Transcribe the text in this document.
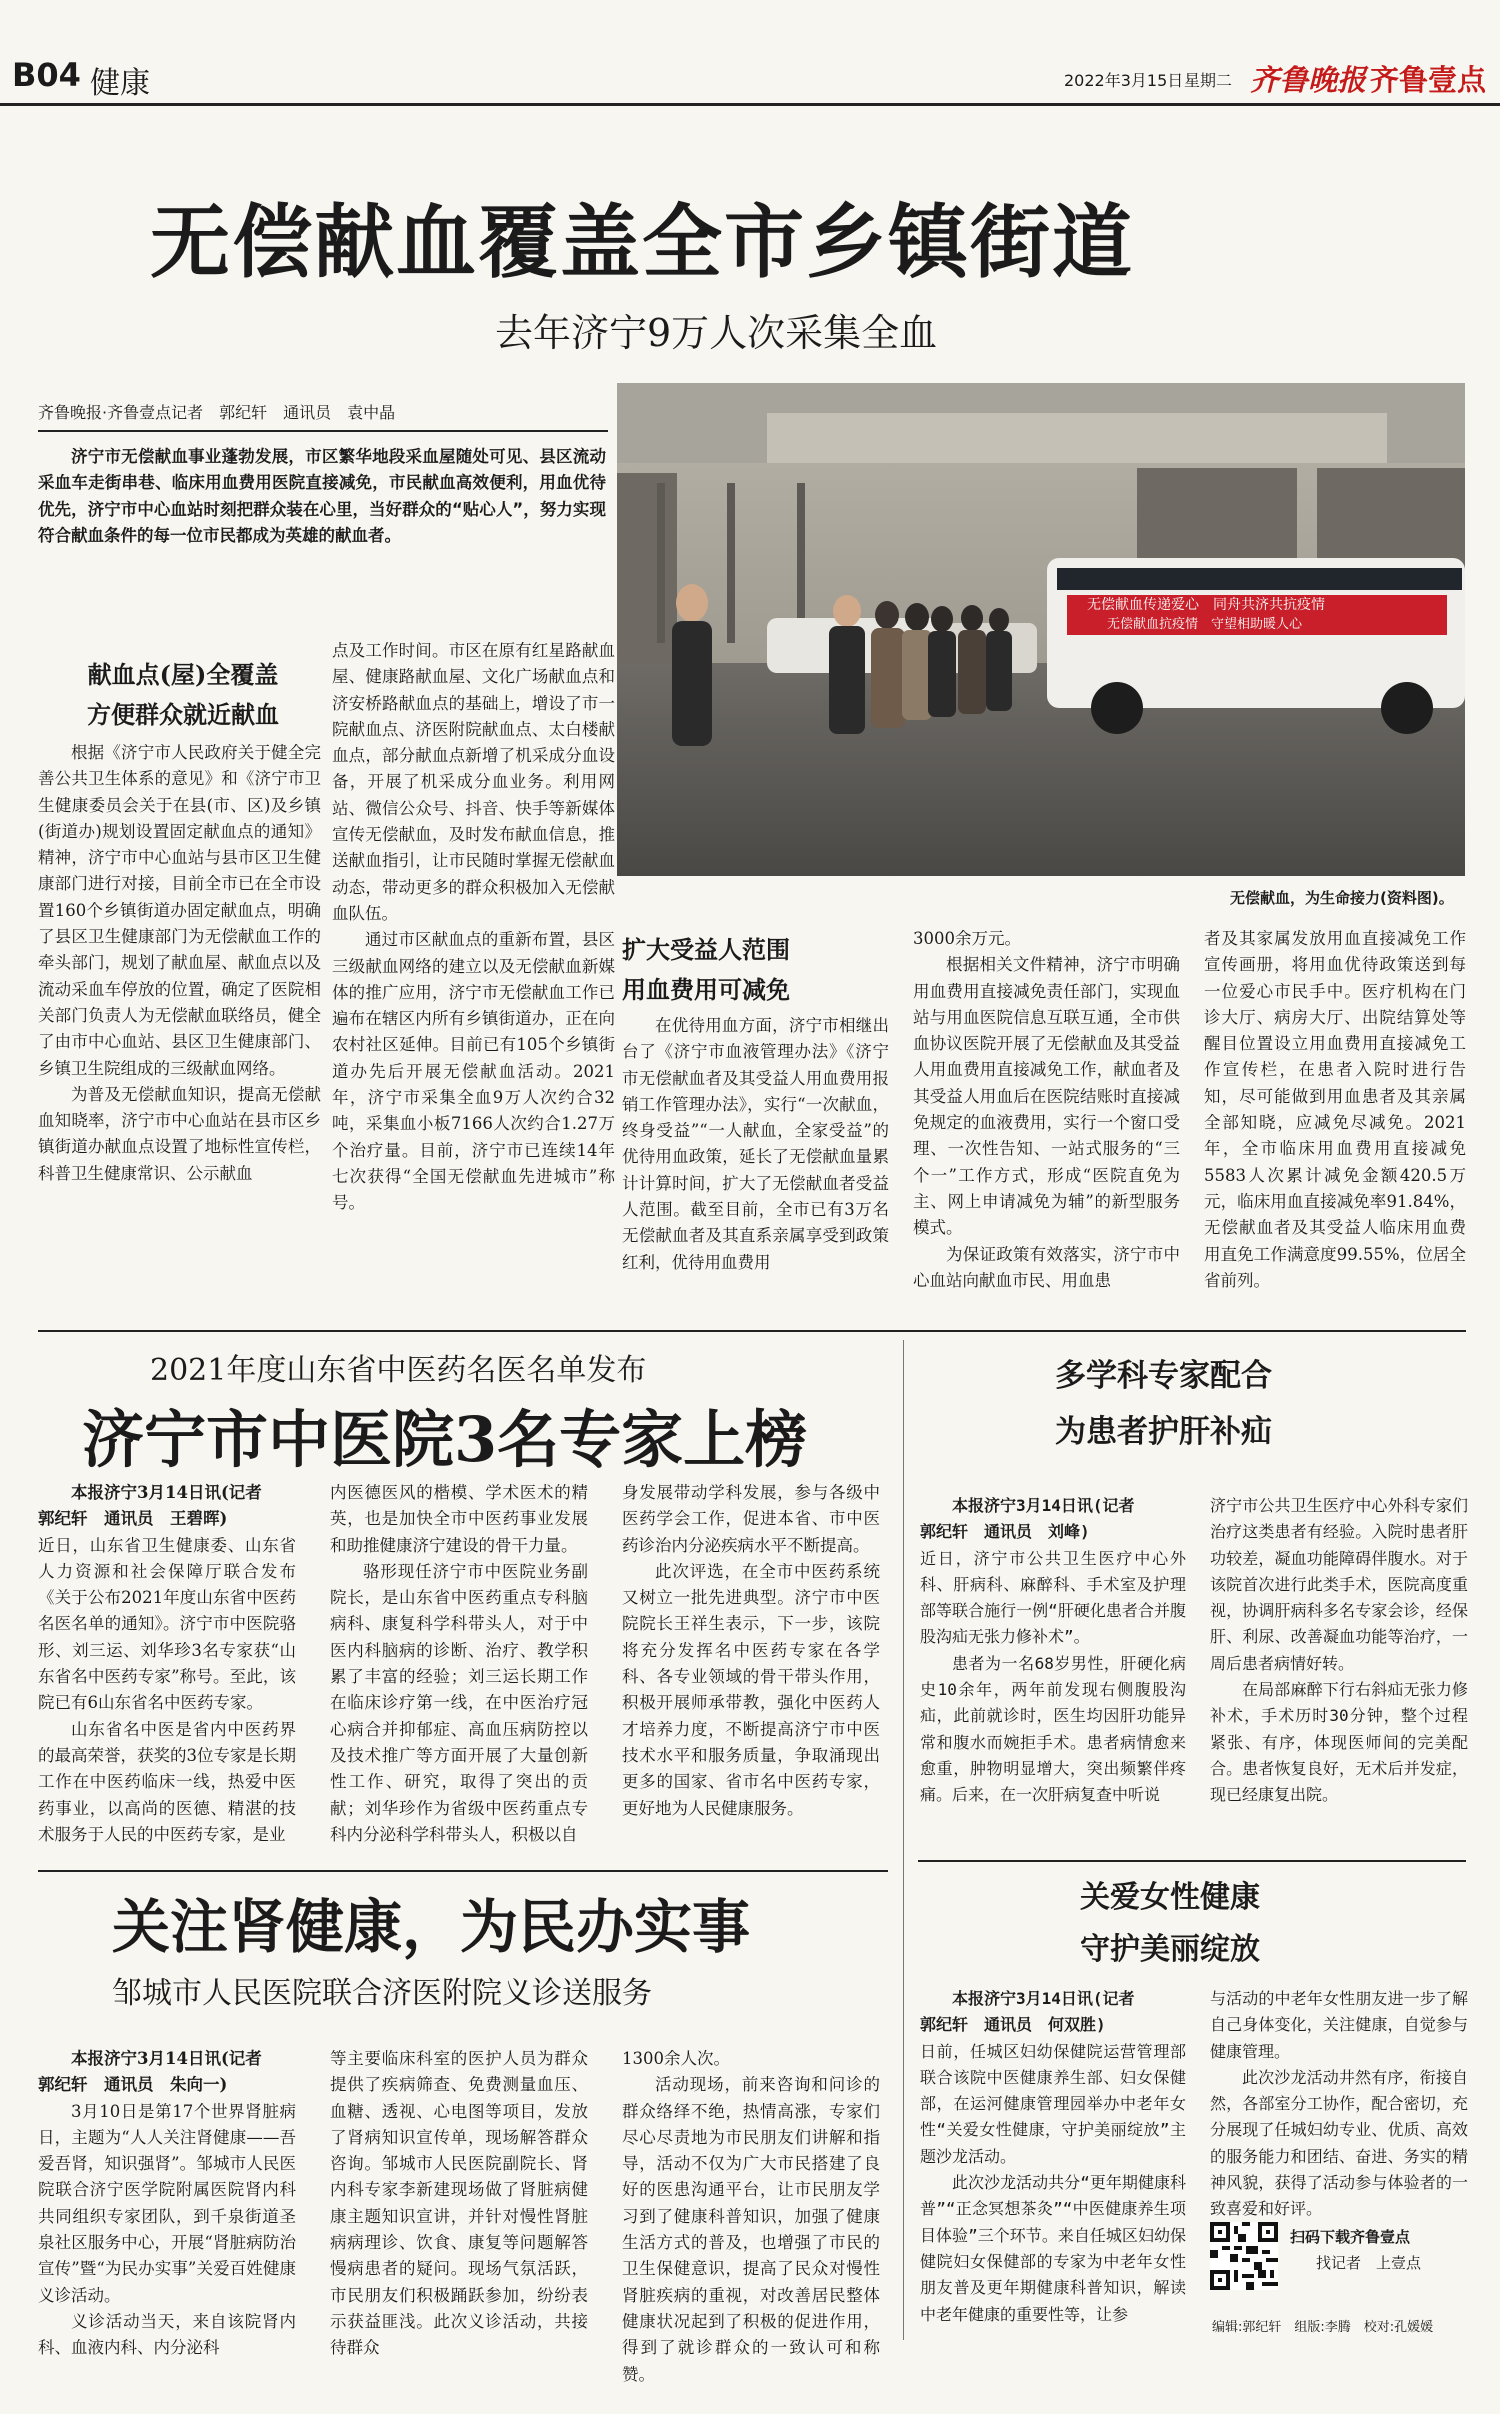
B04 健康	2022年3月15日 星期二 齐鲁晚报 齐鲁壹点
无偿献血覆盖全市乡镇街道
去年济宁9万人次采集全血
齐鲁晚报·齐鲁壹点记者　郭纪轩　通讯员　袁中晶

济宁市无偿献血事业蓬勃发展，市区繁华地段采血屋随处可见、县区流动采血车走街串巷、临床用血费用医院直接减免，市民献血高效便利，用血优待优先，济宁市中心血站时刻把群众装在心里，当好群众的“贴心人”，努力实现符合献血条件的每一位市民都成为英雄的献血者。

无偿献血传递爱心　同舟共济共抗疫情
无偿献血抗疫情　守望相助暖人心
无偿献血，为生命接力(资料图)。
献血点(屋)全覆盖
方便群众就近献血

根据《济宁市人民政府关于健全完善公共卫生体系的意见》和《济宁市卫生健康委员会关于在县(市、区)及乡镇(街道办)规划设置固定献血点的通知》精神，济宁市中心血站与县市区卫生健康部门进行对接，目前全市已在全市设置160个乡镇街道办固定献血点，明确了县区卫生健康部门为无偿献血工作的牵头部门，规划了献血屋、献血点以及流动采血车停放的位置，确定了医院相关部门负责人为无偿献血联络员，健全了由市中心血站、县区卫生健康部门、乡镇卫生院组成的三级献血网络。

为普及无偿献血知识，提高无偿献血知晓率，济宁市中心血站在县市区乡镇街道办献血点设置了地标性宣传栏，科普卫生健康常识、公示献血

点及工作时间。市区在原有红星路献血屋、健康路献血屋、文化广场献血点和济安桥路献血点的基础上，增设了市一院献血点、济医附院献血点、太白楼献血点，部分献血点新增了机采成分血设备，开展了机采成分血业务。利用网站、微信公众号、抖音、快手等新媒体宣传无偿献血，及时发布献血信息，推送献血指引，让市民随时掌握无偿献血动态，带动更多的群众积极加入无偿献血队伍。

通过市区献血点的重新布置，县区三级献血网络的建立以及无偿献血新媒体的推广应用，济宁市无偿献血工作已遍布在辖区内所有乡镇街道办，正在向农村社区延伸。目前已有105个乡镇街道办先后开展无偿献血活动。2021年，济宁市采集全血9万人次约合32吨，采集血小板7166人次约合1.27万个治疗量。目前，济宁市已连续14年七次获得“全国无偿献血先进城市”称号。

扩大受益人范围
用血费用可减免

在优待用血方面，济宁市相继出台了《济宁市血液管理办法》《济宁市无偿献血者及其受益人用血费用报销工作管理办法》，实行“一次献血，终身受益”“一人献血，全家受益”的优待用血政策，延长了无偿献血量累计计算时间，扩大了无偿献血者受益人范围。截至目前，全市已有3万名无偿献血者及其直系亲属享受到政策红利，优待用血费用

3000余万元。

根据相关文件精神，济宁市明确用血费用直接减免责任部门，实现血站与用血医院信息互联互通，全市供血协议医院开展了无偿献血及其受益人用血费用直接减免工作，献血者及其受益人用血后在医院结账时直接减免规定的血液费用，实行一个窗口受理、一次性告知、一站式服务的“三个一”工作方式，形成“医院直免为主、网上申请减免为辅”的新型服务模式。

为保证政策有效落实，济宁市中心血站向献血市民、用血患

者及其家属发放用血直接减免工作宣传画册，将用血优待政策送到每一位爱心市民手中。医疗机构在门诊大厅、病房大厅、出院结算处等醒目位置设立用血费用直接减免工作宣传栏，在患者入院时进行告知，尽可能做到用血患者及其亲属全部知晓，应减免尽减免。2021年，全市临床用血费用直接减免5583人次累计减免金额420.5万元，临床用血直接减免率91.84%，无偿献血者及其受益人临床用血费用直免工作满意度99.55%，位居全省前列。

2021年度山东省中医药名医名单发布
济宁市中医院3名专家上榜

本报济宁3月14日讯(记者

郭纪轩　通讯员　王碧晖)

近日，山东省卫生健康委、山东省人力资源和社会保障厅联合发布《关于公布2021年度山东省中医药名医名单的通知》。济宁市中医院骆形、刘三运、刘华珍3名专家获“山东省名中医药专家”称号。至此，该院已有6山东省名中医药专家。

山东省名中医是省内中医药界的最高荣誉，获奖的3位专家是长期工作在中医药临床一线，热爱中医药事业，以高尚的医德、精湛的技术服务于人民的中医药专家，是业

内医德医风的楷模、学术医术的精英，也是加快全市中医药事业发展和助推健康济宁建设的骨干力量。

骆形现任济宁市中医院业务副院长，是山东省中医药重点专科脑病科、康复科学科带头人，对于中医内科脑病的诊断、治疗、教学积累了丰富的经验；刘三运长期工作在临床诊疗第一线，在中医治疗冠心病合并抑郁症、高血压病防控以及技术推广等方面开展了大量创新性工作、研究，取得了突出的贡献；刘华珍作为省级中医药重点专科内分泌科学科带头人，积极以自

身发展带动学科发展，参与各级中医药学会工作，促进本省、市中医药诊治内分泌疾病水平不断提高。

此次评选，在全市中医药系统又树立一批先进典型。济宁市中医院院长王祥生表示，下一步，该院将充分发挥名中医药专家在各学科、各专业领域的骨干带头作用，积极开展师承带教，强化中医药人才培养力度，不断提高济宁市中医技术水平和服务质量，争取涌现出更多的国家、省市名中医药专家，更好地为人民健康服务。

多学科专家配合
为患者护肝补疝

本报济宁3月14日讯(记者

郭纪轩　通讯员　刘峰)

近日，济宁市公共卫生医疗中心外科、肝病科、麻醉科、手术室及护理部等联合施行一例“肝硬化患者合并腹股沟疝无张力修补术”。

患者为一名68岁男性，肝硬化病史10余年，两年前发现右侧腹股沟疝，此前就诊时，医生均因肝功能异常和腹水而婉拒手术。患者病情愈来愈重，肿物明显增大，突出频繁伴疼痛。后来，在一次肝病复查中听说

济宁市公共卫生医疗中心外科专家们治疗这类患者有经验。入院时患者肝功较差，凝血功能障碍伴腹水。对于该院首次进行此类手术，医院高度重视，协调肝病科多名专家会诊，经保肝、利尿、改善凝血功能等治疗，一周后患者病情好转。

在局部麻醉下行右斜疝无张力修补术，手术历时30分钟，整个过程紧张、有序，体现医师间的完美配合。患者恢复良好，无术后并发症，现已经康复出院。

关注肾健康，为民办实事
邹城市人民医院联合济医附院义诊送服务

本报济宁3月14日讯(记者

郭纪轩　通讯员　朱向一)

3月10日是第17个世界肾脏病日，主题为“人人关注肾健康——吾爱吾肾，知识强肾”。邹城市人民医院联合济宁医学院附属医院肾内科共同组织专家团队，到千泉街道圣泉社区服务中心，开展“肾脏病防治宣传”暨“为民办实事”关爱百姓健康义诊活动。

义诊活动当天，来自该院肾内科、血液内科、内分泌科

等主要临床科室的医护人员为群众提供了疾病筛查、免费测量血压、血糖、透视、心电图等项目，发放了肾病知识宣传单，现场解答群众咨询。邹城市人民医院副院长、肾内科专家李新建现场做了肾脏病健康主题知识宣讲，并针对慢性肾脏病病理诊、饮食、康复等问题解答慢病患者的疑问。现场气氛活跃，市民朋友们积极踊跃参加，纷纷表示获益匪浅。此次义诊活动，共接待群众

1300余人次。

活动现场，前来咨询和问诊的群众络绎不绝，热情高涨，专家们尽心尽责地为市民朋友们讲解和指导，活动不仅为广大市民搭建了良好的医患沟通平台，让市民朋友学习到了健康科普知识，加强了健康生活方式的普及，也增强了市民的卫生保健意识，提高了民众对慢性肾脏疾病的重视，对改善居民整体健康状况起到了积极的促进作用，得到了就诊群众的一致认可和称赞。

关爱女性健康
守护美丽绽放

本报济宁3月14日讯(记者

郭纪轩　通讯员　何双胜)

日前，任城区妇幼保健院运营管理部联合该院中医健康养生部、妇女保健部，在运河健康管理园举办中老年女性“关爱女性健康，守护美丽绽放”主题沙龙活动。

此次沙龙活动共分“更年期健康科普”“正念冥想茶灸”“中医健康养生项目体验”三个环节。来自任城区妇幼保健院妇女保健部的专家为中老年女性朋友普及更年期健康科普知识，解读中老年健康的重要性等，让参

与活动的中老年女性朋友进一步了解自己身体变化，关注健康，自觉参与健康管理。

此次沙龙活动井然有序，衔接自然，各部室分工协作，配合密切，充分展现了任城妇幼专业、优质、高效的服务能力和团结、奋进、务实的精神风貌，获得了活动参与体验者的一致喜爱和好评。

扫码下载齐鲁壹点
找记者　上壹点
编辑:郭纪轩　组版:李腾　校对:孔媛媛
